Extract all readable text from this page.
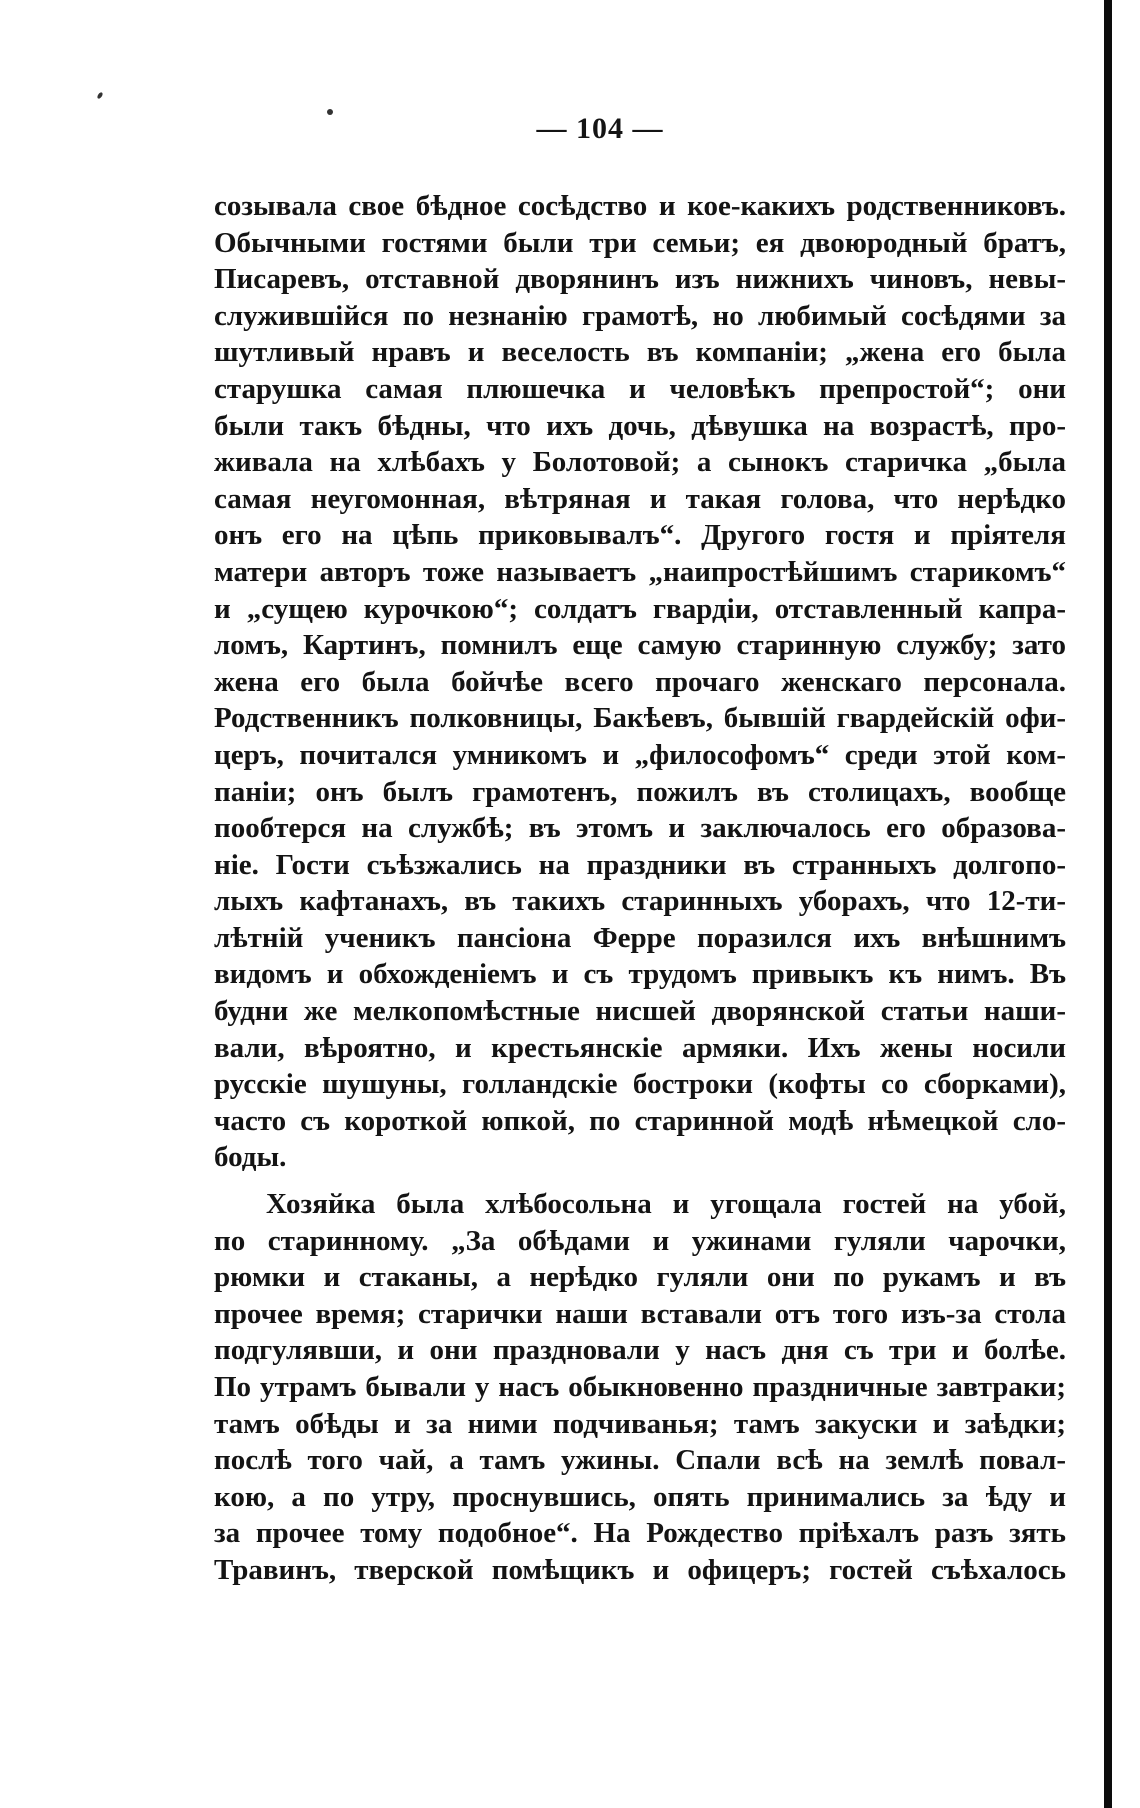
— 104 —
созывала свое бѣдное сосѣдство и кое-какихъ родственниковъ.
Обычными гостями были три семьи; ея двоюродный братъ,
Писаревъ, отставной дворянинъ изъ нижнихъ чиновъ, невы-
служившійся по незнанію грамотѣ, но любимый сосѣдями за
шутливый нравъ и веселость въ компаніи; „жена его была
старушка самая плюшечка и человѣкъ препростой“; они
были такъ бѣдны, что ихъ дочь, дѣвушка на возрастѣ, про-
живала на хлѣбахъ у Болотовой; а сынокъ старичка „была
самая неугомонная, вѣтряная и такая голова, что нерѣдко
онъ его на цѣпь приковывалъ“. Другого гостя и пріятеля
матери авторъ тоже называетъ „наипростѣйшимъ старикомъ“
и „сущею курочкою“; солдатъ гвардіи, отставленный капра-
ломъ, Картинъ, помнилъ еще самую старинную службу; зато
жена его была бойчѣе всего прочаго женскаго персонала.
Родственникъ полковницы, Бакѣевъ, бывшій гвардейскій офи-
церъ, почитался умникомъ и „философомъ“ среди этой ком-
паніи; онъ былъ грамотенъ, пожилъ въ столицахъ, вообще
пообтерся на службѣ; въ этомъ и заключалось его образова-
ніе. Гости съѣзжались на праздники въ странныхъ долгопо-
лыхъ кафтанахъ, въ такихъ старинныхъ уборахъ, что 12-ти-
лѣтній ученикъ пансіона Ферре поразился ихъ внѣшнимъ
видомъ и обхожденіемъ и съ трудомъ привыкъ къ нимъ. Въ
будни же мелкопомѣстные нисшей дворянской статьи наши-
вали, вѣроятно, и крестьянскіе армяки. Ихъ жены носили
русскіе шушуны, голландскіе бостроки (кофты со сборками),
часто съ короткой юпкой, по старинной модѣ нѣмецкой сло-
боды.
Хозяйка была хлѣбосольна и угощала гостей на убой,
по старинному. „За обѣдами и ужинами гуляли чарочки,
рюмки и стаканы, а нерѣдко гуляли они по рукамъ и въ
прочее время; старички наши вставали отъ того изъ-за стола
подгулявши, и они праздновали у насъ дня съ три и болѣе.
По утрамъ бывали у насъ обыкновенно праздничные завтраки;
тамъ обѣды и за ними подчиванья; тамъ закуски и заѣдки;
послѣ того чай, а тамъ ужины. Спали всѣ на землѣ повал-
кою, а по утру, проснувшись, опять принимались за ѣду и
за прочее тому подобное“. На Рождество пріѣхалъ разъ зять
Травинъ, тверской помѣщикъ и офицеръ; гостей съѣхалось
